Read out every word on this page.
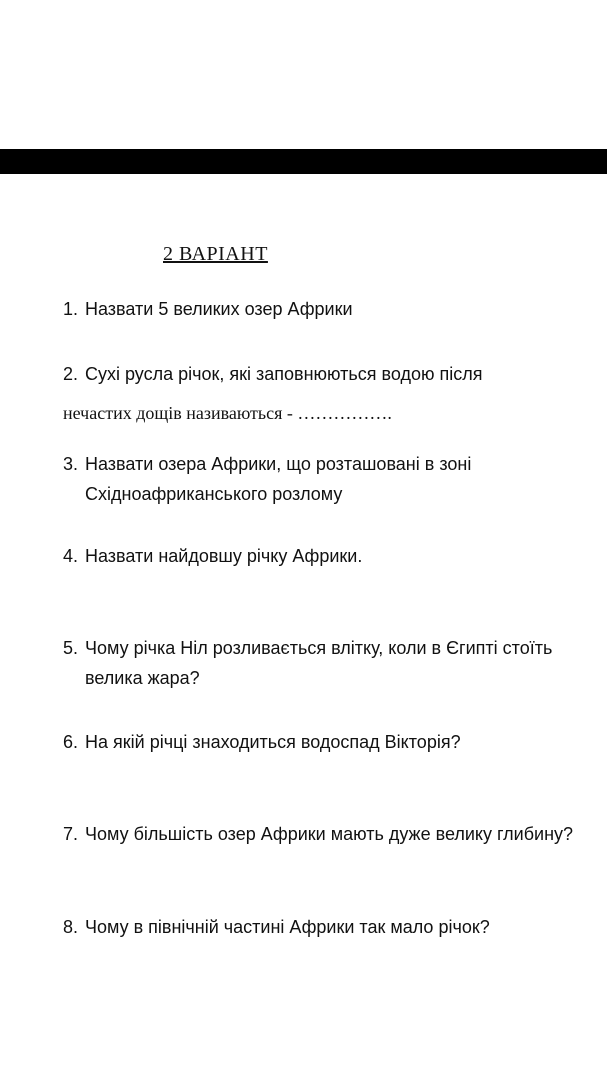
2 ВАРІАНТ
1. Назвати 5 великих озер Африки
2. Сухі русла річок, які заповнюються водою після
нечастих дощів називаються - …………….
3. Назвати озера Африки, що розташовані в зоні Східноафриканського розлому
4. Назвати найдовшу річку Африки.
5. Чому річка Ніл розливається влітку, коли в Єгипті стоїть велика жара?
6. На якій річці знаходиться водоспад Вікторія?
7. Чому більшість озер Африки мають дуже велику глибину?
8. Чому в північній частині Африки так мало річок?
